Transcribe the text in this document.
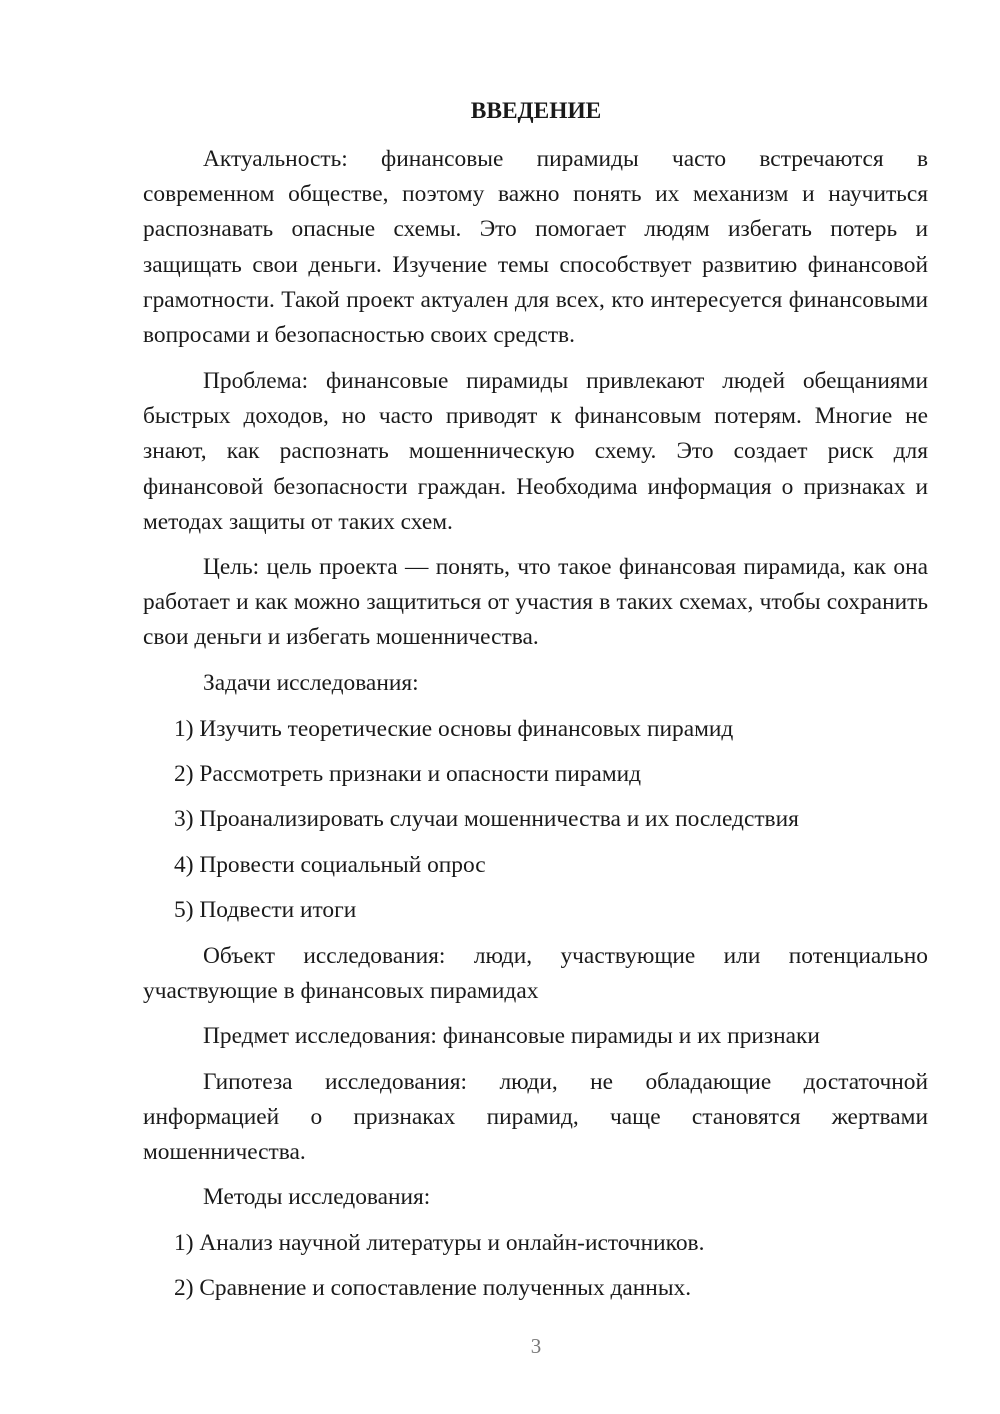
ВВЕДЕНИЕ

Актуальность: финансовые пирамиды часто встречаются в современном обществе, поэтому важно понять их механизм и научиться распознавать опасные схемы. Это помогает людям избегать потерь и защищать свои деньги. Изучение темы способствует развитию финансовой грамотности. Такой проект актуален для всех, кто интересуется финансовыми вопросами и безопасностью своих средств.

Проблема: финансовые пирамиды привлекают людей обещаниями быстрых доходов, но часто приводят к финансовым потерям. Многие не знают, как распознать мошенническую схему. Это создает риск для финансовой безопасности граждан. Необходима информация о признаках и методах защиты от таких схем.

Цель: цель проекта — понять, что такое финансовая пирамида, как она работает и как можно защититься от участия в таких схемах, чтобы сохранить свои деньги и избегать мошенничества.

Задачи исследования:

1) Изучить теоретические основы финансовых пирамид

2) Рассмотреть признаки и опасности пирамид

3) Проанализировать случаи мошенничества и их последствия

4) Провести социальный опрос

5) Подвести итоги

Объект исследования: люди, участвующие или потенциально участвующие в финансовых пирамидах

Предмет исследования: финансовые пирамиды и их признаки

Гипотеза исследования: люди, не обладающие достаточной информацией о признаках пирамид, чаще становятся жертвами мошенничества.

Методы исследования:

1) Анализ научной литературы и онлайн-источников.

2) Сравнение и сопоставление полученных данных.

3
